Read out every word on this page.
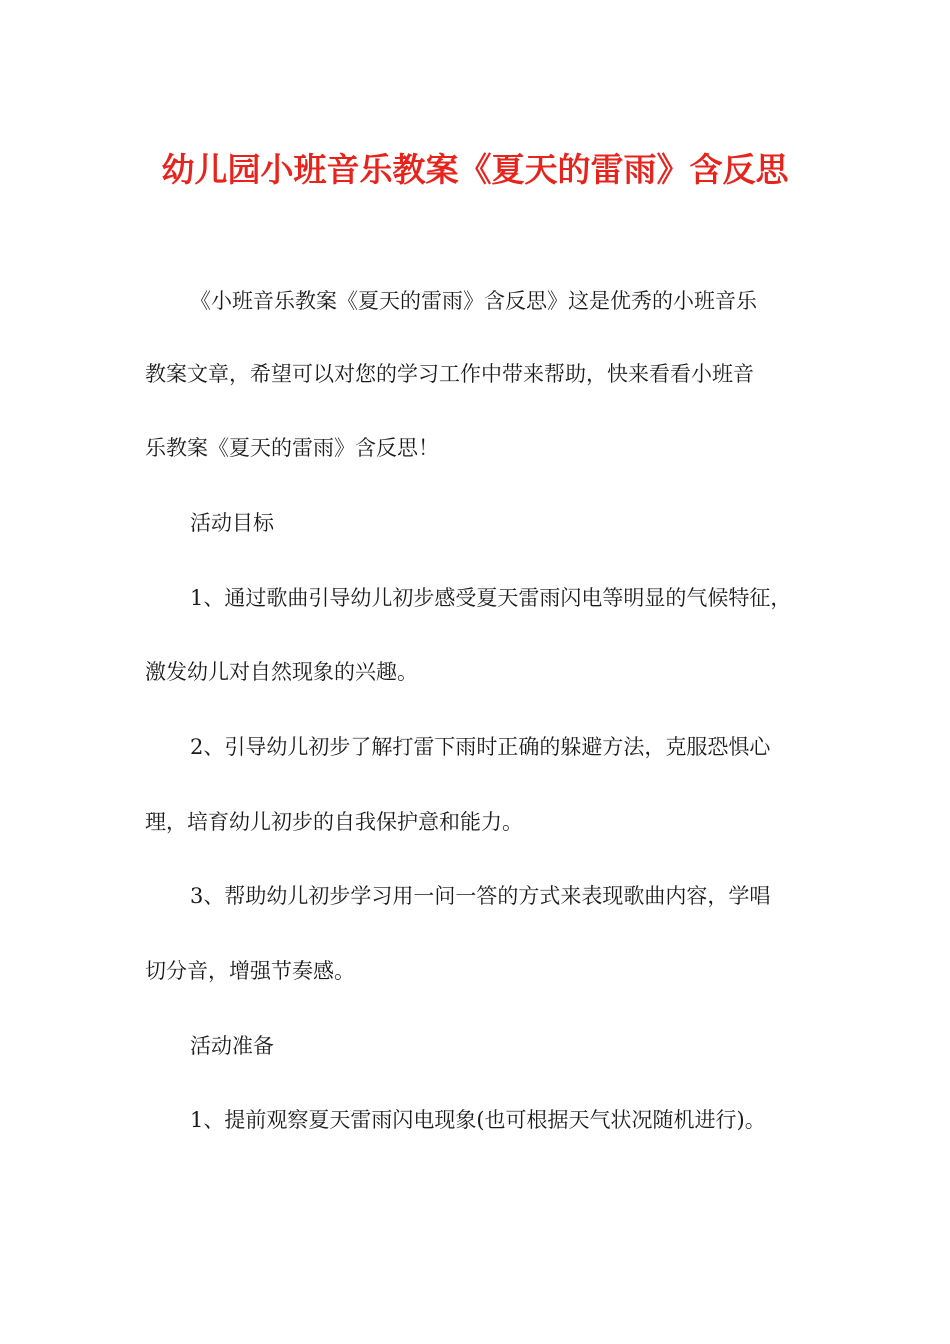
幼儿园小班音乐教案《夏天的雷雨》含反思
《小班音乐教案《夏天的雷雨》含反思》这是优秀的小班音乐
教案文章，希望可以对您的学习工作中带来帮助，快来看看小班音
乐教案《夏天的雷雨》含反思！
活动目标
1、通过歌曲引导幼儿初步感受夏天雷雨闪电等明显的气候特征，
激发幼儿对自然现象的兴趣。
2、引导幼儿初步了解打雷下雨时正确的躲避方法，克服恐惧心
理，培育幼儿初步的自我保护意和能力。
3、帮助幼儿初步学习用一问一答的方式来表现歌曲内容，学唱
切分音，增强节奏感。
活动准备
1、提前观察夏天雷雨闪电现象(也可根据天气状况随机进行)。
